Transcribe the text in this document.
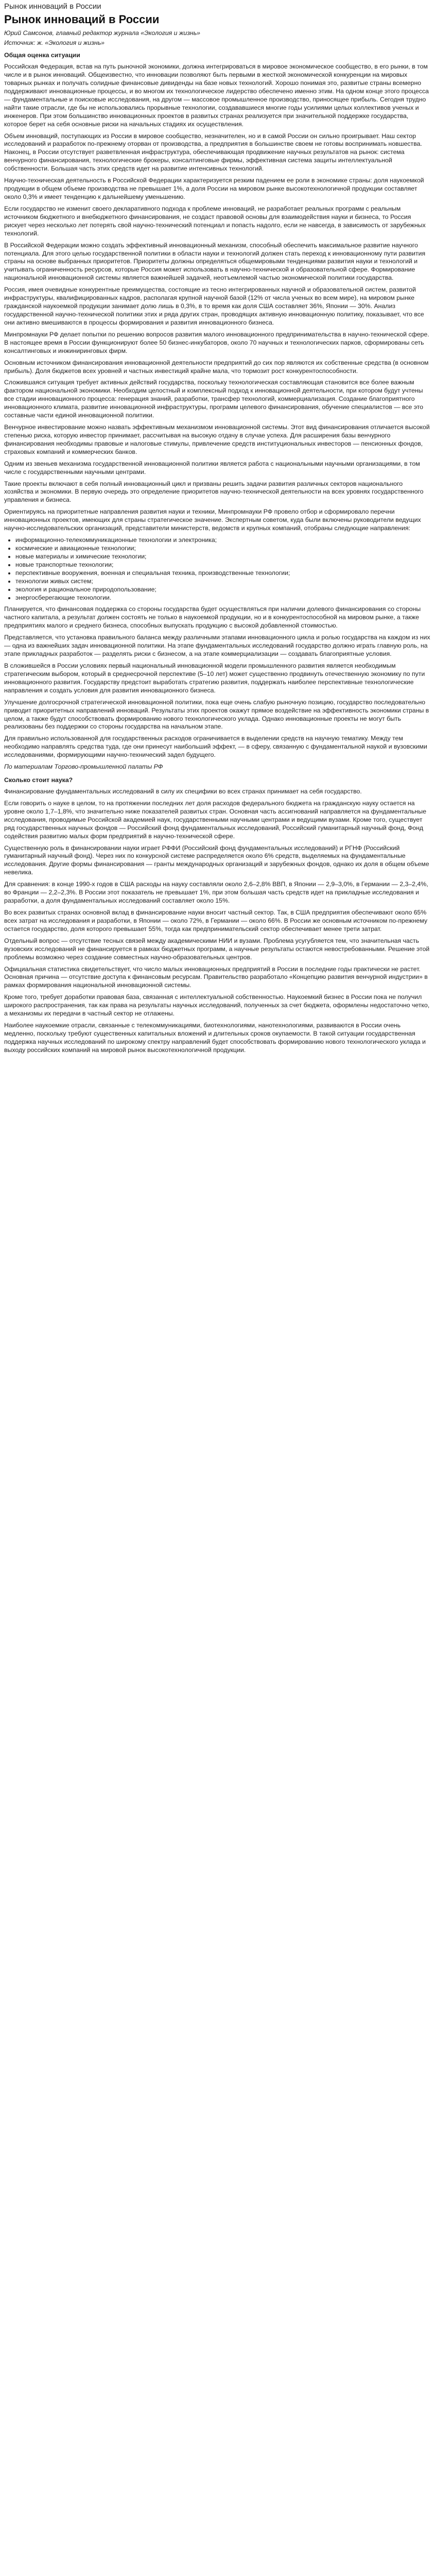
Рынок инноваций в России
Рынок инноваций в России
Юрий Самсонов, главный редактор журнала «Экология и жизнь»
Источник: ж. «Экология и жизнь»
Общая оценка ситуации

Российская Федерация, встав на путь рыночной экономики, должна интегрироваться в мировое экономическое сообщество, в его рынки, в том числе и в рынок инноваций. Общеизвестно, что инновации позволяют быть первыми в жесткой экономической конкуренции на мировых товарных рынках и получать солидные финансовые дивиденды на базе новых технологий. Хорошо понимая это, развитые страны всемерно поддерживают инновационные процессы, и во многом их технологическое лидерство обеспечено именно этим. На одном конце этого процесса — фундаментальные и поисковые исследования, на другом — массовое промышленное производство, приносящее прибыль. Сегодня трудно найти такие отрасли, где бы не использовались прорывные технологии, создававшиеся многие годы усилиями целых коллективов ученых и инженеров. При этом большинство инновационных проектов в развитых странах реализуется при значительной поддержке государства, которое берет на себя основные риски на начальных стадиях их осуществления.

Объем инноваций, поступающих из России в мировое сообщество, незначителен, но и в самой России он сильно проигрывает. Наш сектор исследований и разработок по-прежнему оторван от производства, а предприятия в большинстве своем не готовы воспринимать новшества. Наконец, в России отсутствует разветвленная инфраструктура, обеспечивающая продвижение научных результатов на рынок: система венчурного финансирования, технологические брокеры, консалтинговые фирмы, эффективная система защиты интеллектуальной собственности. Большая часть этих средств идет на развитие интенсивных технологий.

Научно-техническая деятельность в Российской Федерации характеризуется резким падением ее роли в экономике страны: доля наукоемкой продукции в общем объеме производства не превышает 1%, а доля России на мировом рынке высокотехнологичной продукции составляет около 0,3% и имеет тенденцию к дальнейшему уменьшению.

Если государство не изменит своего декларативного подхода к проблеме инноваций, не разработает реальных программ с реальным источником бюджетного и внебюджетного финансирования, не создаст правовой основы для взаимодействия науки и бизнеса, то Россия рискует через несколько лет потерять свой научно-технический потенциал и попасть надолго, если не навсегда, в зависимость от зарубежных технологий.

В Российской Федерации можно создать эффективный инновационный механизм, способный обеспечить максимальное развитие научного потенциала. Для этого целью государственной политики в области науки и технологий должен стать переход к инновационному пути развития страны на основе выбранных приоритетов. Приоритеты должны определяться общемировыми тенденциями развития науки и технологий и учитывать ограниченность ресурсов, которые Россия может использовать в научно-технической и образовательной сфере. Формирование национальной инновационной системы является важнейшей задачей, неотъемлемой частью экономической политики государства.

Россия, имея очевидные конкурентные преимущества, состоящие из тесно интегрированных научной и образовательной систем, развитой инфраструктуры, квалифицированных кадров, располагая крупной научной базой (12% от числа ученых во всем мире), на мировом рынке гражданской наукоемкой продукции занимает долю лишь в 0,3%, в то время как доля США составляет 36%, Японии — 30%. Анализ государственной научно-технической политики этих и ряда других стран, проводящих активную инновационную политику, показывает, что все они активно вмешиваются в процессы формирования и развития инновационного бизнеса.

Минпромнауки РФ делает попытки по решению вопросов развития малого инновационного предпринимательства в научно-технической сфере. В настоящее время в России функционируют более 50 бизнес-инкубаторов, около 70 научных и технологических парков, сформированы сеть консалтинговых и инжиниринговых фирм.

Основным источником финансирования инновационной деятельности предприятий до сих пор являются их собственные средства (в основном прибыль). Доля бюджетов всех уровней и частных инвестиций крайне мала, что тормозит рост конкурентоспособности.

Сложившаяся ситуация требует активных действий государства, поскольку технологическая составляющая становится все более важным фактором национальной экономики. Необходим целостный и комплексный подход к инновационной деятельности, при котором будут учтены все стадии инновационного процесса: генерация знаний, разработки, трансфер технологий, коммерциализация. Создание благоприятного инновационного климата, развитие инновационной инфраструктуры, программ целевого финансирования, обучение специалистов — все это составные части единой инновационной политики.

Венчурное инвестирование можно назвать эффективным механизмом инновационной системы. Этот вид финансирования отличается высокой степенью риска, которую инвестор принимает, рассчитывая на высокую отдачу в случае успеха. Для расширения базы венчурного финансирования необходимы правовые и налоговые стимулы, привлечение средств институциональных инвесторов — пенсионных фондов, страховых компаний и коммерческих банков.

Одним из звеньев механизма государственной инновационной политики является работа с национальными научными организациями, в том числе с государственными научными центрами.

Такие проекты включают в себя полный инновационный цикл и призваны решить задачи развития различных секторов национального хозяйства и экономики. В первую очередь это определение приоритетов научно-технической деятельности на всех уровнях государственного управления и бизнеса.

Ориентируясь на приоритетные направления развития науки и техники, Минпромнауки РФ провело отбор и сформировало перечни инновационных проектов, имеющих для страны стратегическое значение. Экспертным советом, куда были включены руководители ведущих научно-исследовательских организаций, представители министерств, ведомств и крупных компаний, отобраны следующие направления:

• информационно-телекоммуникационные технологии и электроника;
• космические и авиационные технологии;
• новые материалы и химические технологии;
• новые транспортные технологии;
• перспективные вооружения, военная и специальная техника, производственные технологии;
• технологии живых систем;
• экология и рациональное природопользование;
• энергосберегающие технологии.

Планируется, что финансовая поддержка со стороны государства будет осуществляться при наличии долевого финансирования со стороны частного капитала, а результат должен состоять не только в наукоемкой продукции, но и в конкурентоспособной на мировом рынке, а также предприятиях малого и среднего бизнеса, способных выпускать продукцию с высокой добавленной стоимостью.

Представляется, что установка правильного баланса между различными этапами инновационного цикла и ролью государства на каждом из них — одна из важнейших задач инновационной политики. На этапе фундаментальных исследований государство должно играть главную роль, на этапе прикладных разработок — разделять риски с бизнесом, а на этапе коммерциализации — создавать благоприятные условия.

В сложившейся в России условиях первый национальный инновационной модели промышленного развития является необходимым стратегическим выбором, который в среднесрочной перспективе (5–10 лет) может существенно продвинуть отечественную экономику по пути инновационного развития. Государству предстоит выработать стратегию развития, поддержать наиболее перспективные технологические направления и создать условия для развития инновационного бизнеса.

Улучшение долгосрочной стратегической инновационной политики, пока еще очень слабую рыночную позицию, государство последовательно приводит приоритетных направлений инноваций. Результаты этих проектов окажут прямое воздействие на эффективность экономики страны в целом, а также будут способствовать формированию нового технологического уклада. Однако инновационные проекты не могут быть реализованы без поддержки со стороны государства на начальном этапе.

Для правильно использованной для государственных расходов ограничивается в выделении средств на научную тематику. Между тем необходимо направлять средства туда, где они принесут наибольший эффект, — в сферу, связанную с фундаментальной наукой и вузовскими исследованиями, формирующими научно-технический задел будущего.

По материалам Торгово-промышленной палаты РФ
Сколько стоит наука?

Финансирование фундаментальных исследований в силу их специфики во всех странах принимает на себя государство.

Если говорить о науке в целом, то на протяжении последних лет доля расходов федерального бюджета на гражданскую науку остается на уровне около 1,7–1,8%, что значительно ниже показателей развитых стран. Основная часть ассигнований направляется на фундаментальные исследования, проводимые Российской академией наук, государственными научными центрами и ведущими вузами. Кроме того, существует ряд государственных научных фондов — Российский фонд фундаментальных исследований, Российский гуманитарный научный фонд, Фонд содействия развитию малых форм предприятий в научно-технической сфере.

Существенную роль в финансировании науки играет РФФИ (Российский фонд фундаментальных исследований) и РГНФ (Российский гуманитарный научный фонд). Через них по конкурсной системе распределяется около 6% средств, выделяемых на фундаментальные исследования. Другие формы финансирования — гранты международных организаций и зарубежных фондов, однако их доля в общем объеме невелика.

Для сравнения: в конце 1990-х годов в США расходы на науку составляли около 2,6–2,8% ВВП, в Японии — 2,9–3,0%, в Германии — 2,3–2,4%, во Франции — 2,2–2,3%. В России этот показатель не превышает 1%, при этом большая часть средств идет на прикладные исследования и разработки, а доля фундаментальных исследований составляет около 15%.

Во всех развитых странах основной вклад в финансирование науки вносит частный сектор. Так, в США предприятия обеспечивают около 65% всех затрат на исследования и разработки, в Японии — около 72%, в Германии — около 66%. В России же основным источником по-прежнему остается государство, доля которого превышает 55%, тогда как предпринимательский сектор обеспечивает менее трети затрат.

Отдельный вопрос — отсутствие тесных связей между академическими НИИ и вузами. Проблема усугубляется тем, что значительная часть вузовских исследований не финансируется в рамках бюджетных программ, а научные результаты остаются невостребованными. Решение этой проблемы возможно через создание совместных научно-образовательных центров.

Официальная статистика свидетельствует, что число малых инновационных предприятий в России в последние годы практически не растет. Основная причина — отсутствие доступа к финансовым ресурсам. Правительство разработало «Концепцию развития венчурной индустрии» в рамках формирования национальной инновационной системы.

Кроме того, требует доработки правовая база, связанная с интеллектуальной собственностью. Наукоемкий бизнес в России пока не получил широкого распространения, так как права на результаты научных исследований, полученных за счет бюджета, оформлены недостаточно четко, а механизмы их передачи в частный сектор не отлажены.

Наиболее наукоемкие отрасли, связанные с телекоммуникациями, биотехнологиями, нанотехнологиями, развиваются в России очень медленно, поскольку требуют существенных капитальных вложений и длительных сроков окупаемости. В такой ситуации государственная поддержка научных исследований по широкому спектру направлений будет способствовать формированию нового технологического уклада и выходу российских компаний на мировой рынок высокотехнологичной продукции.
